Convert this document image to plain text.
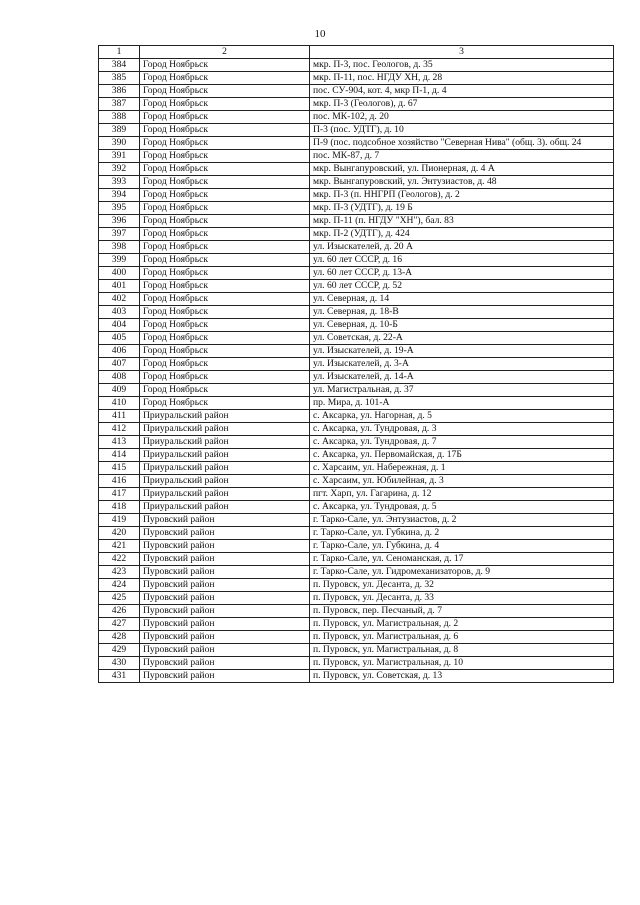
10
1	2	3
384	Город Ноябрьск	мкр. П-3, пос. Геологов, д. 35
385	Город Ноябрьск	мкр. П-11, пос. НГДУ ХН, д. 28
386	Город Ноябрьск	пос. СУ-904, кот. 4, мкр П-1, д. 4
387	Город Ноябрьск	мкр. П-3 (Геологов), д. 67
388	Город Ноябрьск	пос. МК-102, д. 20
389	Город Ноябрьск	П-3 (пос. УДТГ), д. 10
390	Город Ноябрьск	П-9 (пос. подсобное хозяйство "Северная Нива" (общ. 3). общ. 24
391	Город Ноябрьск	пос. МК-87, д. 7
392	Город Ноябрьск	мкр. Вынгапуровский, ул. Пионерная, д. 4 А
393	Город Ноябрьск	мкр. Вынгапуровский, ул. Энтузиастов, д. 48
394	Город Ноябрьск	мкр. П-3 (п. ННГРП (Геологов), д. 2
395	Город Ноябрьск	мкр. П-3 (УДТГ), д. 19 Б
396	Город Ноябрьск	мкр. П-11 (п. НГДУ "ХН"), бал. 83
397	Город Ноябрьск	мкр. П-2 (УДТГ), д. 424
398	Город Ноябрьск	ул. Изыскателей, д. 20 А
399	Город Ноябрьск	ул. 60 лет СССР, д. 16
400	Город Ноябрьск	ул. 60 лет СССР, д. 13-А
401	Город Ноябрьск	ул. 60 лет СССР, д. 52
402	Город Ноябрьск	ул. Северная, д. 14
403	Город Ноябрьск	ул. Северная, д. 18-В
404	Город Ноябрьск	ул. Северная, д. 10-Б
405	Город Ноябрьск	ул. Советская, д. 22-А
406	Город Ноябрьск	ул. Изыскателей, д. 19-А
407	Город Ноябрьск	ул. Изыскателей, д. 3-А
408	Город Ноябрьск	ул. Изыскателей, д. 14-А
409	Город Ноябрьск	ул. Магистральная, д. 37
410	Город Ноябрьск	пр. Мира, д. 101-А
411	Приуральский район	с. Аксарка, ул. Нагорная, д. 5
412	Приуральский район	с. Аксарка, ул. Тундровая, д. 3
413	Приуральский район	с. Аксарка, ул. Тундровая, д. 7
414	Приуральский район	с. Аксарка, ул. Первомайская, д. 17Б
415	Приуральский район	с. Харсаим, ул. Набережная, д. 1
416	Приуральский район	с. Харсаим, ул. Юбилейная, д. 3
417	Приуральский район	пгт. Харп, ул. Гагарина, д. 12
418	Приуральский район	с. Аксарка, ул. Тундровая, д. 5
419	Пуровский район	г. Тарко-Сале, ул. Энтузиастов, д. 2
420	Пуровский район	г. Тарко-Сале, ул. Губкина, д. 2
421	Пуровский район	г. Тарко-Сале, ул. Губкина, д. 4
422	Пуровский район	г. Тарко-Сале, ул. Сеноманская, д. 17
423	Пуровский район	г. Тарко-Сале, ул. Гидромеханизаторов, д. 9
424	Пуровский район	п. Пуровск, ул. Десанта, д. 32
425	Пуровский район	п. Пуровск, ул. Десанта, д. 33
426	Пуровский район	п. Пуровск, пер. Песчаный, д. 7
427	Пуровский район	п. Пуровск, ул. Магистральная, д. 2
428	Пуровский район	п. Пуровск, ул. Магистральная, д. 6
429	Пуровский район	п. Пуровск, ул. Магистральная, д. 8
430	Пуровский район	п. Пуровск, ул. Магистральная, д. 10
431	Пуровский район	п. Пуровск, ул. Советская, д. 13
